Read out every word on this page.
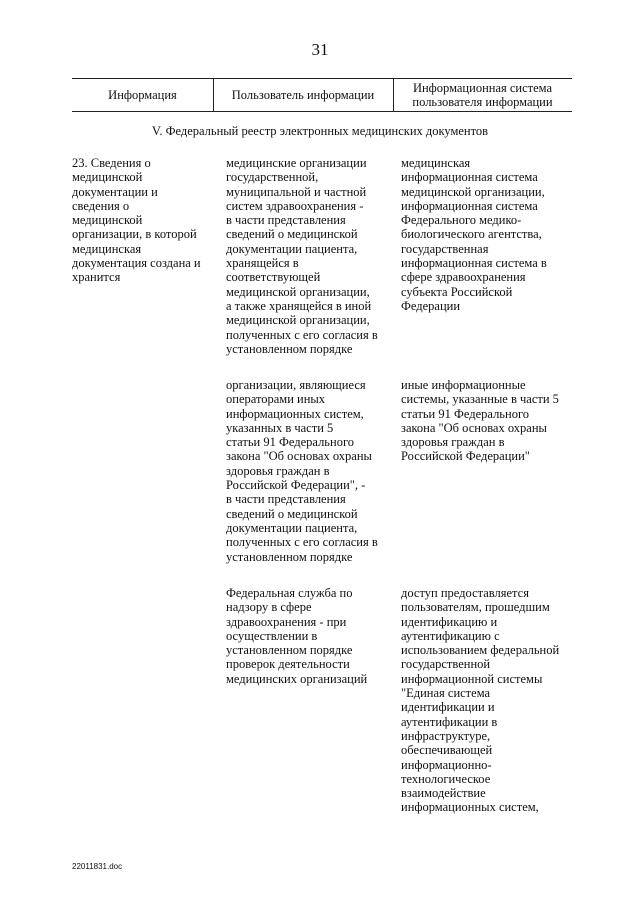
31
Информация	Пользователь информации	Информационная система
пользователя информации
V. Федеральный реестр электронных медицинских документов
23. Сведения о
медицинской
документации и
сведения о
медицинской
организации, в которой
медицинская
документация создана и
хранится
медицинские организации
государственной,
муниципальной и частной
систем здравоохранения -
в части представления
сведений о медицинской
документации пациента,
хранящейся в
соответствующей
медицинской организации,
а также хранящейся в иной
медицинской организации,
полученных с его согласия в
установленном порядке
медицинская
информационная система
медицинской организации,
информационная система
Федерального медико-
биологического агентства,
государственная
информационная система в
сфере здравоохранения
субъекта Российской
Федерации
организации, являющиеся
операторами иных
информационных систем,
указанных в части 5
статьи 91 Федерального
закона "Об основах охраны
здоровья граждан в
Российской Федерации", -
в части представления
сведений о медицинской
документации пациента,
полученных с его согласия в
установленном порядке
иные информационные
системы, указанные в части 5
статьи 91 Федерального
закона "Об основах охраны
здоровья граждан в
Российской Федерации"
Федеральная служба по
надзору в сфере
здравоохранения - при
осуществлении в
установленном порядке
проверок деятельности
медицинских организаций
доступ предоставляется
пользователям, прошедшим
идентификацию и
аутентификацию с
использованием федеральной
государственной
информационной системы
"Единая система
идентификации и
аутентификации в
инфраструктуре,
обеспечивающей
информационно-
технологическое
взаимодействие
информационных систем,
22011831.doc
